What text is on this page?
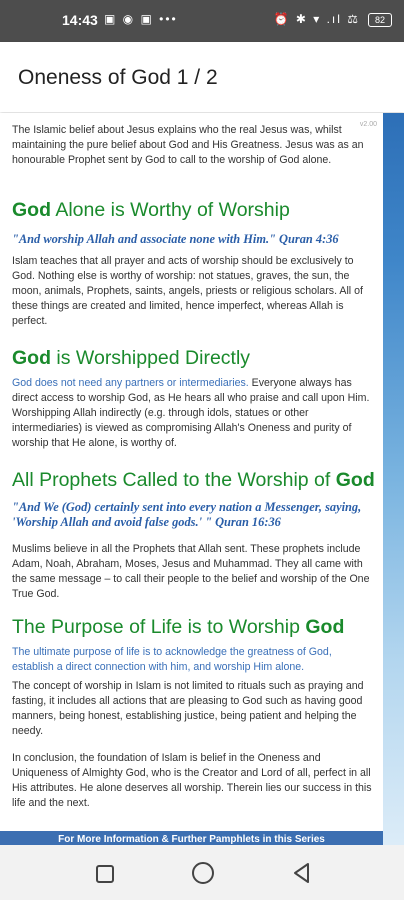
14:43 ▣ ◉ ▣ •••	⏰ ✱ ▾ .ıl ⚖	82
Oneness of God 1 / 2
v2.00
The Islamic belief about Jesus explains who the real Jesus was, whilst maintaining the pure belief about God and His Greatness. Jesus was as an honourable Prophet sent by God to call to the worship of God alone.
God Alone is Worthy of Worship
"And worship Allah and associate none with Him." Quran 4:36
Islam teaches that all prayer and acts of worship should be exclusively to God. Nothing else is worthy of worship: not statues, graves, the sun, the moon, animals, Prophets, saints, angels, priests or religious scholars. All of these things are created and limited, hence imperfect, whereas Allah is perfect.
God is Worshipped Directly
God does not need any partners or intermediaries. Everyone always has direct access to worship God, as He hears all who praise and call upon Him. Worshipping Allah indirectly (e.g. through idols, statues or other intermediaries) is viewed as compromising Allah's Oneness and purity of worship that He alone, is worthy of.
All Prophets Called to the Worship of God
"And We (God) certainly sent into every nation a Messenger, saying, 'Worship Allah and avoid false gods.' " Quran 16:36
Muslims believe in all the Prophets that Allah sent. These prophets include Adam, Noah, Abraham, Moses, Jesus and Muhammad. They all came with the same message – to call their people to the belief and worship of the One True God.
The Purpose of Life is to Worship God
The ultimate purpose of life is to acknowledge the greatness of God, establish a direct connection with him, and worship Him alone.
The concept of worship in Islam is not limited to rituals such as praying and fasting, it includes all actions that are pleasing to God such as having good manners, being honest, establishing justice, being patient and helping the needy.
In conclusion, the foundation of Islam is belief in the Oneness and Uniqueness of Almighty God, who is the Creator and Lord of all, perfect in all His attributes. He alone deserves all worship. Therein lies our success in this life and the next.
For More Information & Further Pamphlets in this Series
